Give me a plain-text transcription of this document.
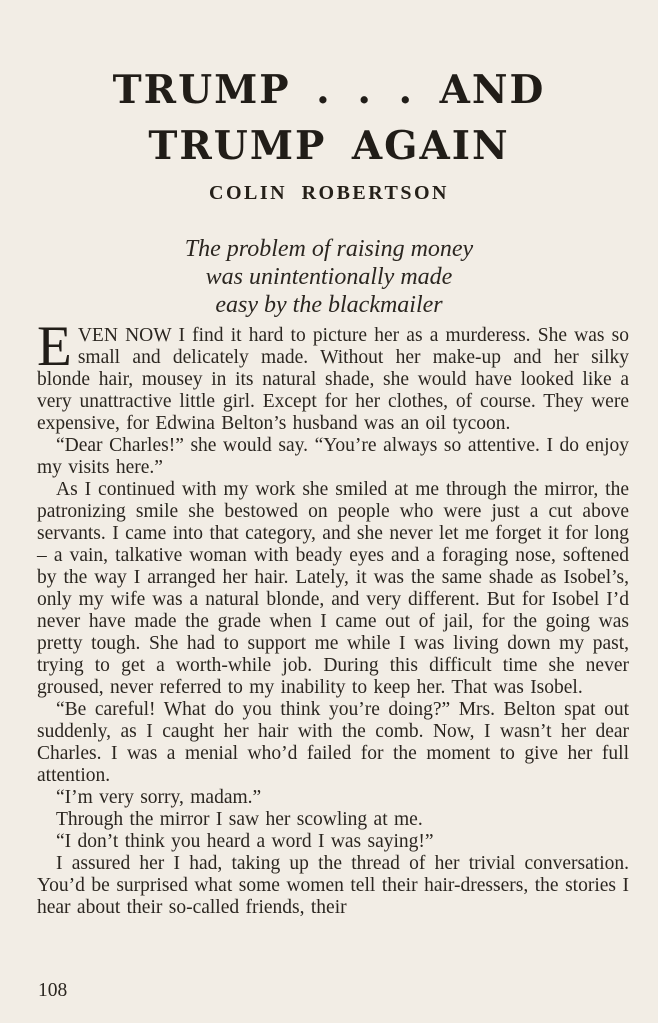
TRUMP . . . AND
TRUMP AGAIN
COLIN ROBERTSON
The problem of raising money
was unintentionally made
easy by the blackmailer

EVEN NOW I find it hard to picture her as a murderess. She was so small and delicately made. Without her make-up and her silky blonde hair, mousey in its natural shade, she would have looked like a very unattractive little girl. Except for her clothes, of course. They were expensive, for Edwina Belton’s husband was an oil tycoon.

“Dear Charles!” she would say. “You’re always so attentive. I do enjoy my visits here.”

As I continued with my work she smiled at me through the mirror, the patronizing smile she bestowed on people who were just a cut above servants. I came into that category, and she never let me forget it for long – a vain, talkative woman with beady eyes and a foraging nose, softened by the way I arranged her hair. Lately, it was the same shade as Isobel’s, only my wife was a natural blonde, and very different. But for Isobel I’d never have made the grade when I came out of jail, for the going was pretty tough. She had to support me while I was living down my past, trying to get a worth-while job. During this difficult time she never groused, never referred to my inability to keep her. That was Isobel.

“Be careful! What do you think you’re doing?” Mrs. Belton spat out suddenly, as I caught her hair with the comb. Now, I wasn’t her dear Charles. I was a menial who’d failed for the moment to give her full attention.

“I’m very sorry, madam.”

Through the mirror I saw her scowling at me.

“I don’t think you heard a word I was saying!”

I assured her I had, taking up the thread of her trivial conversation. You’d be surprised what some women tell their hair-dressers, the stories I hear about their so-called friends, their

108
